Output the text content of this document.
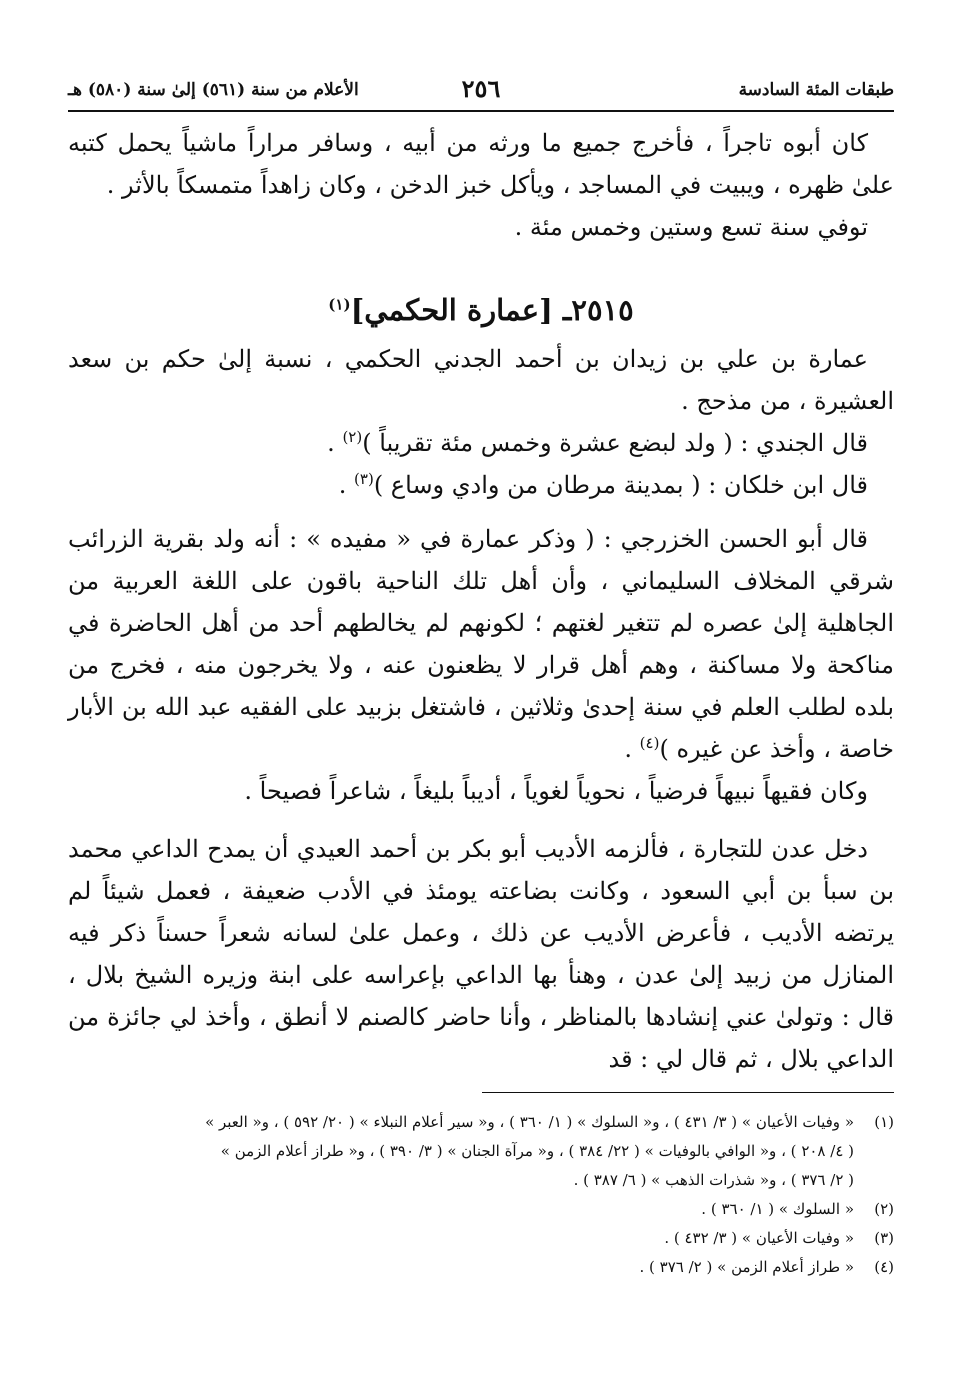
طبقات المئة السادسة
٢٥٦
الأعلام من سنة (٥٦١) إلىٰ سنة (٥٨٠) هـ

كان أبوه تاجراً ، فأخرج جميع ما ورثه من أبيه ، وسافر مراراً ماشياً يحمل كتبه علىٰ ظهره ، ويبيت في المساجد ، ويأكل خبز الدخن ، وكان زاهداً متمسكاً بالأثر .

توفي سنة تسع وستين وخمس مئة .

٢٥١٥ـ [عمارة الحكمي]$^{(١)}$

عمارة بن علي بن زيدان بن أحمد الجدني الحكمي ، نسبة إلىٰ حكم بن سعد العشيرة ، من مذحج .

قال الجندي : ( ولد لبضع عشرة وخمس مئة تقريباً )$^{(٢)}$ .

قال ابن خلكان : ( بمدينة مرطان من وادي وساع )$^{(٣)}$ .

قال أبو الحسن الخزرجي : ( وذكر عمارة في « مفيده » : أنه ولد بقرية الزرائب شرقي المخلاف السليماني ، وأن أهل تلك الناحية باقون على اللغة العربية من الجاهلية إلىٰ عصره لم تتغير لغتهم ؛ لكونهم لم يخالطهم أحد من أهل الحاضرة في مناكحة ولا مساكنة ، وهم أهل قرار لا يظعنون عنه ، ولا يخرجون منه ، فخرج من بلده لطلب العلم في سنة إحدىٰ وثلاثين ، فاشتغل بزبيد على الفقيه عبد الله بن الأبار خاصة ، وأخذ عن غيره )$^{(٤)}$ .

وكان فقيهاً نبيهاً فرضياً ، نحوياً لغوياً ، أديباً بليغاً ، شاعراً فصيحاً .

دخل عدن للتجارة ، فألزمه الأديب أبو بكر بن أحمد العيدي أن يمدح الداعي محمد بن سبأ بن أبي السعود ، وكانت بضاعته يومئذ في الأدب ضعيفة ، فعمل شيئاً لم يرتضه الأديب ، فأعرض الأديب عن ذلك ، وعمل علىٰ لسانه شعراً حسناً ذكر فيه المنازل من زبيد إلىٰ عدن ، وهنأ بها الداعي بإعراسه على ابنة وزيره الشيخ بلال ، قال : وتولىٰ عني إنشادها بالمناظر ، وأنا حاضر كالصنم لا أنطق ، وأخذ لي جائزة من الداعي بلال ، ثم قال لي : قد

(١)
« وفيات الأعيان » ( ٣/ ٤٣١ ) ، و« السلوك » ( ١/ ٣٦٠ ) ، و« سير أعلام النبلاء » ( ٢٠/ ٥٩٢ ) ، و« العبر »
( ٤/ ٢٠٨ ) ، و« الوافي بالوفيات » ( ٢٢/ ٣٨٤ ) ، و« مرآة الجنان » ( ٣/ ٣٩٠ ) ، و« طراز أعلام الزمن »
( ٢/ ٣٧٦ ) ، و« شذرات الذهب » ( ٦/ ٣٨٧ ) .
(٢)
« السلوك » ( ١/ ٣٦٠ ) .
(٣)
« وفيات الأعيان » ( ٣/ ٤٣٢ ) .
(٤)
« طراز أعلام الزمن » ( ٢/ ٣٧٦ ) .
